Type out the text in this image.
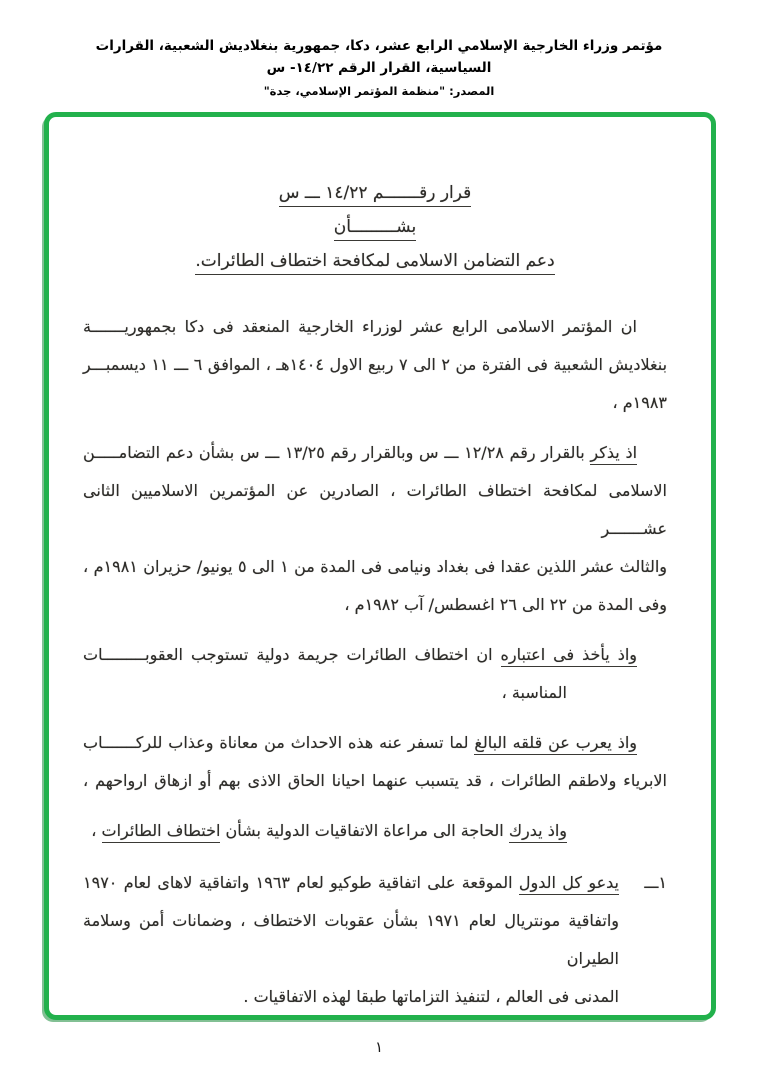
مؤتمر وزراء الخارجية الإسلامي الرابع عشر، دكا، جمهورية بنغلاديش الشعبية، القرارات السياسية، القرار الرقم ١٤/٢٢- س
المصدر: "منظمة المؤتمر الإسلامي، جدة"
قرار رقـــــــم ١٤/٢٢ ـــ س
بشـــــــــأن
دعم التضامن الاسلامى لمكافحة اختطاف الطائرات.
ان المؤتمر الاسلامى الرابع عشر لوزراء الخارجية المنعقد فى دكا بجمهوريـــــــة
بنغلاديش الشعبية فى الفترة من ٢ الى ٧ ربيع الاول ١٤٠٤هـ ، الموافق ٦ ـــ ١١ ديسمبـــر
١٩٨٣م ،
اذ يذكر بالقرار رقم ١٢/٢٨ ـــ س وبالقرار رقم ١٣/٢٥ ـــ س بشأن دعم التضامـــــن
الاسلامى لمكافحة اختطاف الطائرات ، الصادرين عن المؤتمرين الاسلاميين الثانى عشـــــــر
والثالث عشر اللذين عقدا فى بغداد ونيامى فى المدة من ١ الى ٥ يونيو/ حزيران ١٩٨١م ،
وفى المدة من ٢٢ الى ٢٦ اغسطس/ آب ١٩٨٢م ،
واذ يأخذ فى اعتباره ان اختطاف الطائرات جريمة دولية تستوجب العقوبـــــــــات
المناسبة ،
واذ يعرب عن قلقه البالغ لما تسفر عنه هذه الاحداث من معاناة وعذاب للركـــــــاب
الابرياء ولاطقم الطائرات ، قد يتسبب عنهما احيانا الحاق الاذى بهم أو ازهاق ارواحهم ،
واذ يدرك الحاجة الى مراعاة الاتفاقيات الدولية بشأن اختطاف الطائرات ،
١ـــ
يدعو كل الدول الموقعة على اتفاقية طوكيو لعام ١٩٦٣ واتفاقية لاهاى لعام ١٩٧٠
واتفاقية مونتريال لعام ١٩٧١ بشأن عقوبات الاختطاف ، وضمانات أمن وسلامة الطيران
المدنى فى العالم ، لتنفيذ التزاماتها طبقا لهذه الاتفاقيات .
١
